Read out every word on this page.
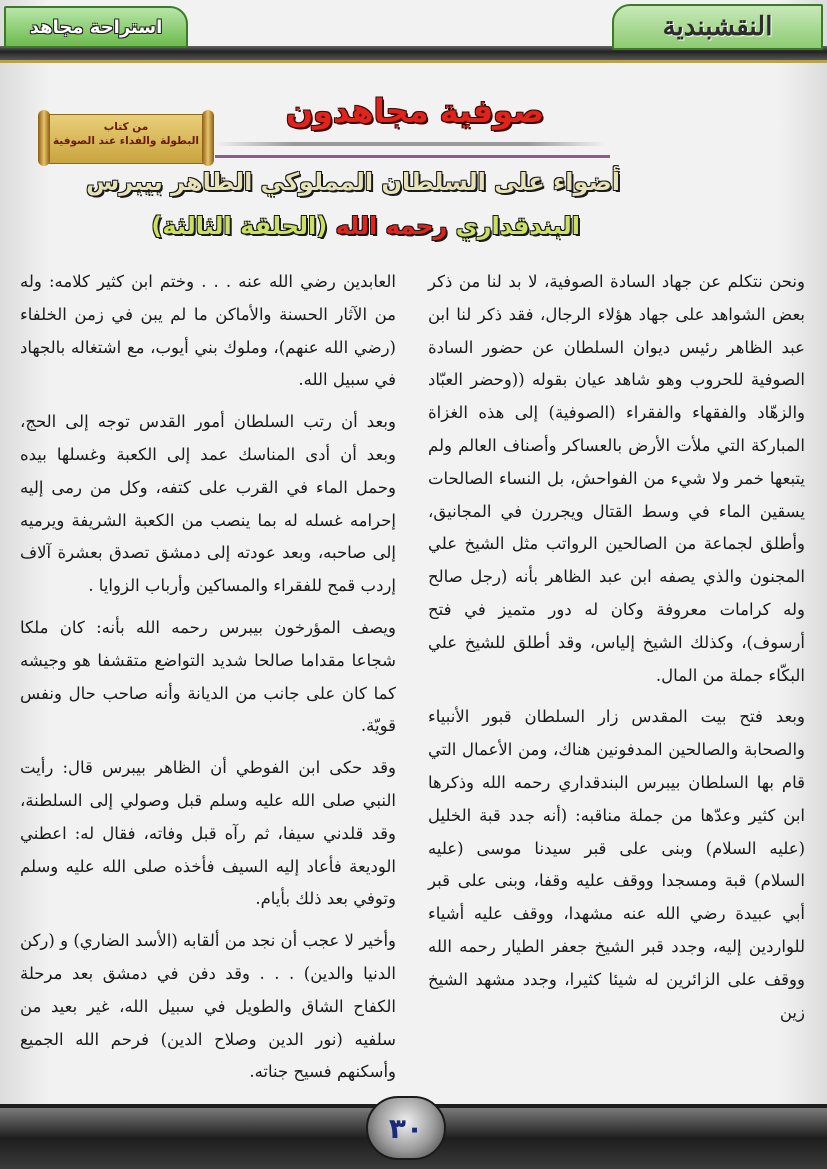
استراحة مجاهد	النقشبندية
من كتاب
البطولة والفداء عند الصوفية
صوفية مجاهدون
أضواء على السلطان المملوكي الظاهر بيبرس
البندقداري رحمه الله (الحلقة الثالثة)

ونحن نتكلم عن جهاد السادة الصوفية، لا بد لنا من ذكر بعض الشواهد على جهاد هؤلاء الرجال، فقد ذكر لنا ابن عبد الظاهر رئيس ديوان السلطان عن حضور السادة الصوفية للحروب وهو شاهد عيان بقوله ((وحضر العبّاد والزهّاد والفقهاء والفقراء (الصوفية) إلى هذه الغزاة المباركة التي ملأت الأرض بالعساكر وأصناف العالم ولم يتبعها خمر ولا شيء من الفواحش، بل النساء الصالحات يسقين الماء في وسط القتال ويجررن في المجانيق، وأطلق لجماعة من الصالحين الرواتب مثل الشيخ علي المجنون والذي يصفه ابن عبد الظاهر بأنه (رجل صالح وله كرامات معروفة وكان له دور متميز في فتح أرسوف)، وكذلك الشيخ إلياس، وقد أطلق للشيخ علي البكّاء جملة من المال.

وبعد فتح بيت المقدس زار السلطان قبور الأنبياء والصحابة والصالحين المدفونين هناك، ومن الأعمال التي قام بها السلطان بيبرس البندقداري رحمه الله وذكرها ابن كثير وعدّها من جملة مناقبه: (أنه جدد قبة الخليل (عليه السلام) وبنى على قبر سيدنا موسى (عليه السلام) قبة ومسجدا ووقف عليه وقفا، وبنى على قبر أبي عبيدة رضي الله عنه مشهدا، ووقف عليه أشياء للواردين إليه، وجدد قبر الشيخ جعفر الطيار رحمه الله ووقف على الزائرين له شيئا كثيرا، وجدد مشهد الشيخ زين

العابدين رضي الله عنه . . . وختم ابن كثير كلامه: وله من الآثار الحسنة والأماكن ما لم يبن في زمن الخلفاء (رضي الله عنهم)، وملوك بني أيوب، مع اشتغاله بالجهاد في سبيل الله.

وبعد أن رتب السلطان أمور القدس توجه إلى الحج، وبعد أن أدى المناسك عمد إلى الكعبة وغسلها بيده وحمل الماء في القرب على كتفه، وكل من رمى إليه إحرامه غسله له بما ينصب من الكعبة الشريفة ويرميه إلى صاحبه، وبعد عودته إلى دمشق تصدق بعشرة آلاف إردب قمح للفقراء والمساكين وأرباب الزوايا .

ويصف المؤرخون بيبرس رحمه الله بأنه: كان ملكا شجاعا مقداما صالحا شديد التواضع متقشفا هو وجيشه كما كان على جانب من الديانة وأنه صاحب حال ونفس قويّة.

وقد حكى ابن الفوطي أن الظاهر بيبرس قال: رأيت النبي صلى الله عليه وسلم قبل وصولي إلى السلطنة، وقد قلدني سيفا، ثم رآه قبل وفاته، فقال له: اعطني الوديعة فأعاد إليه السيف فأخذه صلى الله عليه وسلم وتوفي بعد ذلك بأيام.

وأخير لا عجب أن نجد من ألقابه (الأسد الضاري) و (ركن الدنيا والدين) . . . وقد دفن في دمشق بعد مرحلة الكفاح الشاق والطويل في سبيل الله، غير بعيد من سلفيه (نور الدين وصلاح الدين) فرحم الله الجميع وأسكنهم فسيح جناته.

٣٠
